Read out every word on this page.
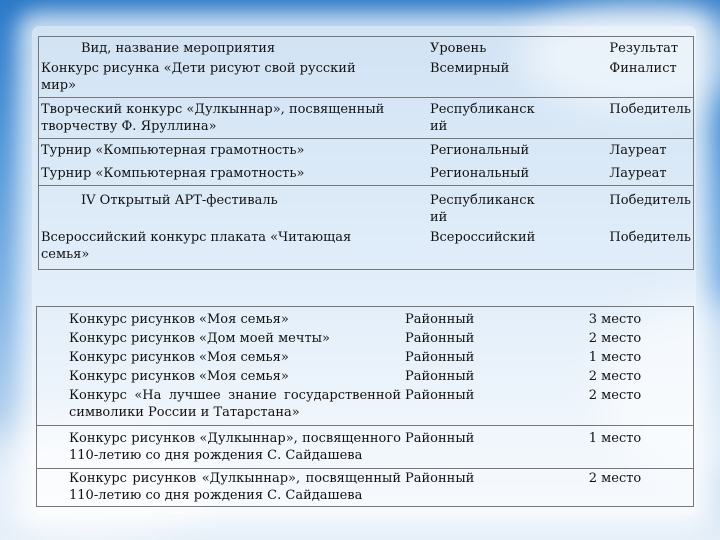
Вид, название мероприятия	Уровень	Результат
Конкурс рисунка «Дети рисуют свой русский мир»	Всемирный	Финалист
Творческий конкурс «Дулкыннар», посвященный творчеству Ф. Яруллина»	Республиканский	Победитель
Турнир «Компьютерная грамотность»	Региональный	Лауреат
Турнир «Компьютерная грамотность»	Региональный	Лауреат

IV Открытый АРТ-фестиваль	Республиканский	Победитель
Всероссийский конкурс плаката «Читающая семья»	Всероссийский	Победитель
Конкурс рисунков «Моя семья»	Районный	3 место
Конкурс рисунков «Дом моей мечты»	Районный	2 место
Конкурс рисунков «Моя семья»	Районный	1 место
Конкурс рисунков «Моя семья»	Районный	2 место
Конкурс «На лучшее знание государственной символики России и Татарстана»	Районный	2 место
Конкурс рисунков «Дулкыннар», посвященного 110-летию со дня рождения С. Сайдашева	Районный	1 место
Конкурс рисунков «Дулкыннар», посвященный 110-летию со дня рождения С. Сайдашева	Районный	2 место
